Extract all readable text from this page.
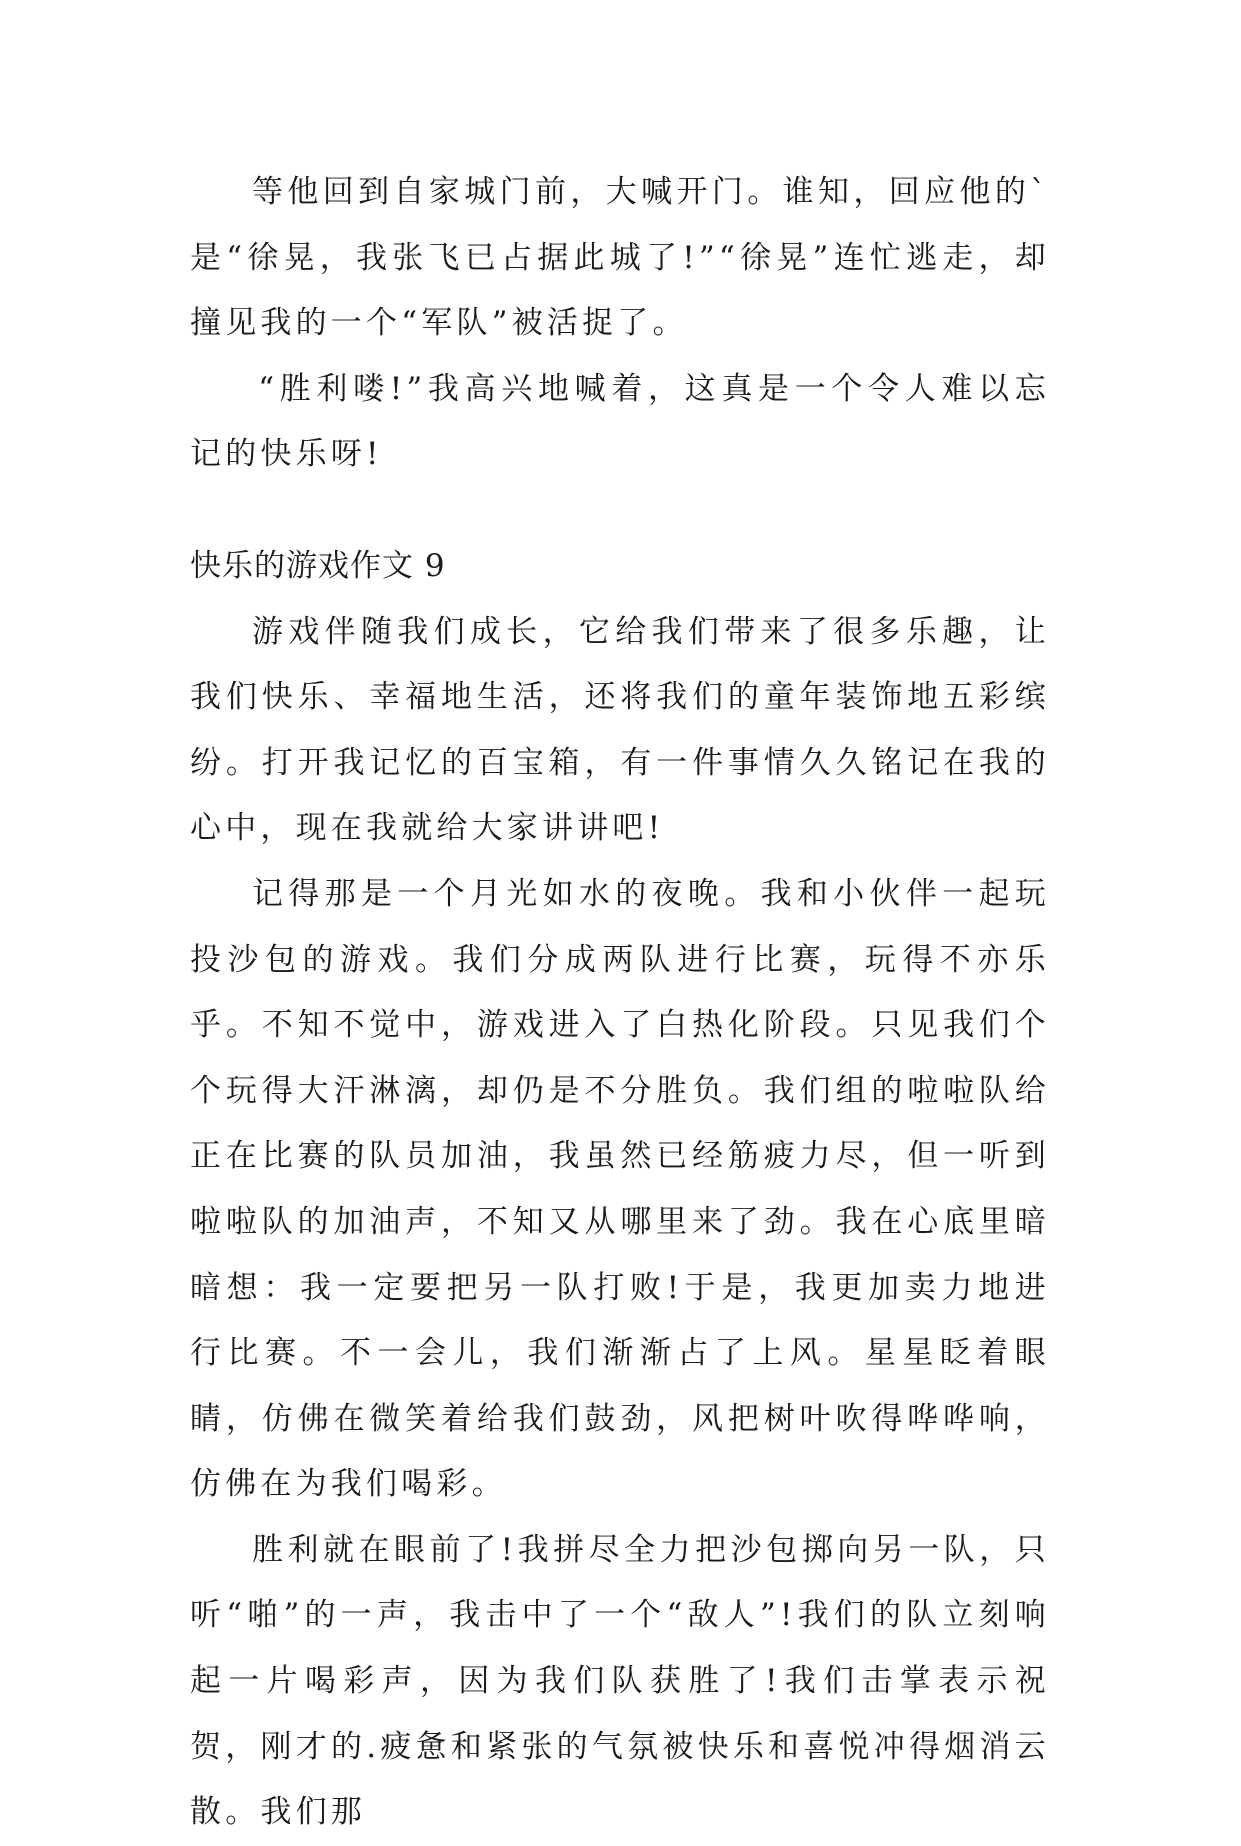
等他回到自家城门前，大喊开门。谁知，回应他的`是“徐晃，我张飞已占据此城了!”“徐晃”连忙逃走，却撞见我的一个“军队”被活捉了。

“胜利喽!”我高兴地喊着，这真是一个令人难以忘记的快乐呀!

快乐的游戏作文 9

游戏伴随我们成长，它给我们带来了很多乐趣，让我们快乐、幸福地生活，还将我们的童年装饰地五彩缤纷。打开我记忆的百宝箱，有一件事情久久铭记在我的心中，现在我就给大家讲讲吧!

记得那是一个月光如水的夜晚。我和小伙伴一起玩投沙包的游戏。我们分成两队进行比赛，玩得不亦乐乎。不知不觉中，游戏进入了白热化阶段。只见我们个个玩得大汗淋漓，却仍是不分胜负。我们组的啦啦队给正在比赛的队员加油，我虽然已经筋疲力尽，但一听到啦啦队的加油声，不知又从哪里来了劲。我在心底里暗暗想：我一定要把另一队打败!于是，我更加卖力地进行比赛。不一会儿，我们渐渐占了上风。星星眨着眼睛，仿佛在微笑着给我们鼓劲，风把树叶吹得哗哗响，仿佛在为我们喝彩。

胜利就在眼前了!我拼尽全力把沙包掷向另一队，只听“啪”的一声，我击中了一个“敌人”!我们的队立刻响起一片喝彩声，因为我们队获胜了!我们击掌表示祝贺，刚才的.疲惫和紧张的气氛被快乐和喜悦冲得烟消云散。我们那
